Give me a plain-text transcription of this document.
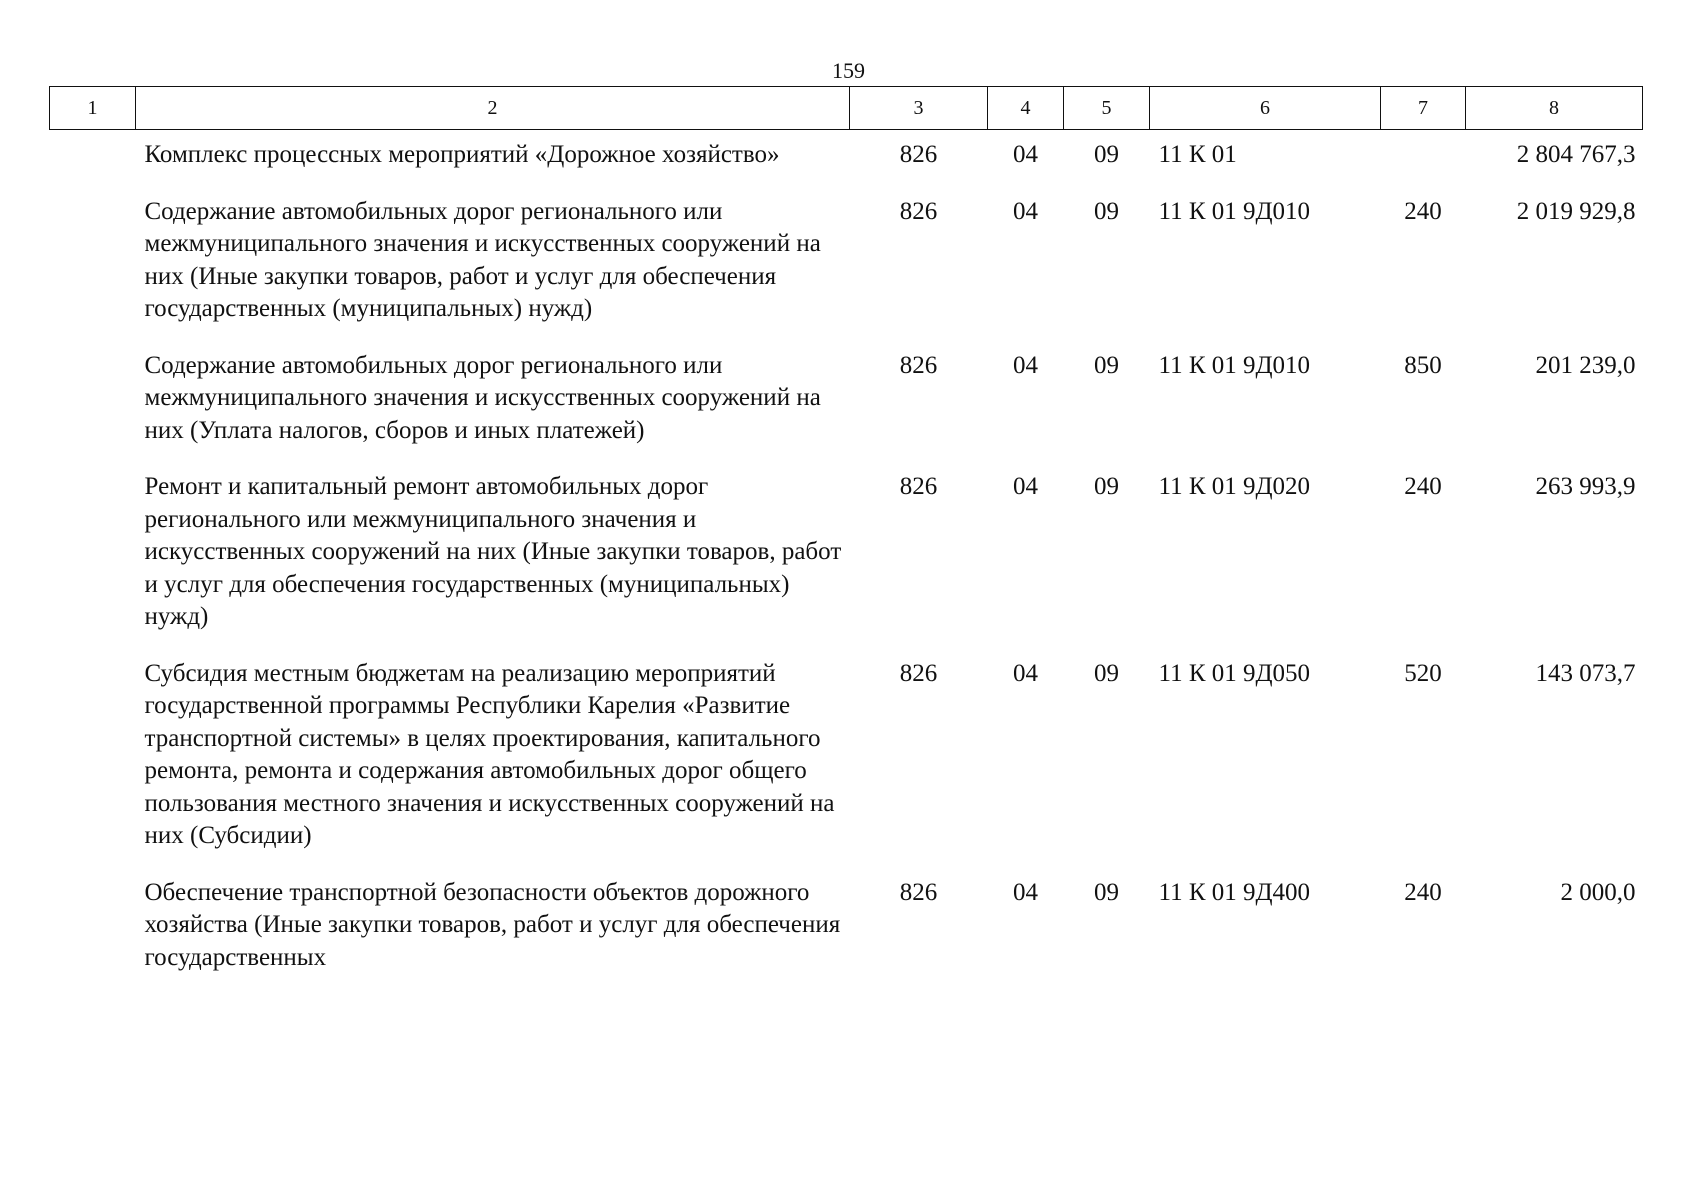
159
1	2	3	4	5	6	7	8
	Комплекс процессных мероприятий «Дорожное хозяйство»	826	04	09	11 К 01		2 804 767,3
	Содержание автомобильных дорог регионального или межмуниципального значения и искусственных сооружений на них (Иные закупки товаров, работ и услуг для обеспечения государственных (муниципальных) нужд)	826	04	09	11 К 01 9Д010	240	2 019 929,8
	Содержание автомобильных дорог регионального или межмуниципального значения и искусственных сооружений на них (Уплата налогов, сборов и иных платежей)	826	04	09	11 К 01 9Д010	850	201 239,0
	Ремонт и капитальный ремонт автомобильных дорог регионального или межмуниципального значения и искусственных сооружений на них (Иные закупки товаров, работ и услуг для обеспечения государственных (муниципальных) нужд)	826	04	09	11 К 01 9Д020	240	263 993,9
	Субсидия местным бюджетам на реализацию мероприятий государственной программы Республики Карелия «Развитие транспортной системы» в целях проектирования, капитального ремонта, ремонта и содержания автомобильных дорог общего пользования местного значения и искусственных сооружений на них (Субсидии)	826	04	09	11 К 01 9Д050	520	143 073,7
	Обеспечение транспортной безопасности объектов дорожного хозяйства (Иные закупки товаров, работ и услуг для обеспечения государственных	826	04	09	11 К 01 9Д400	240	2 000,0
